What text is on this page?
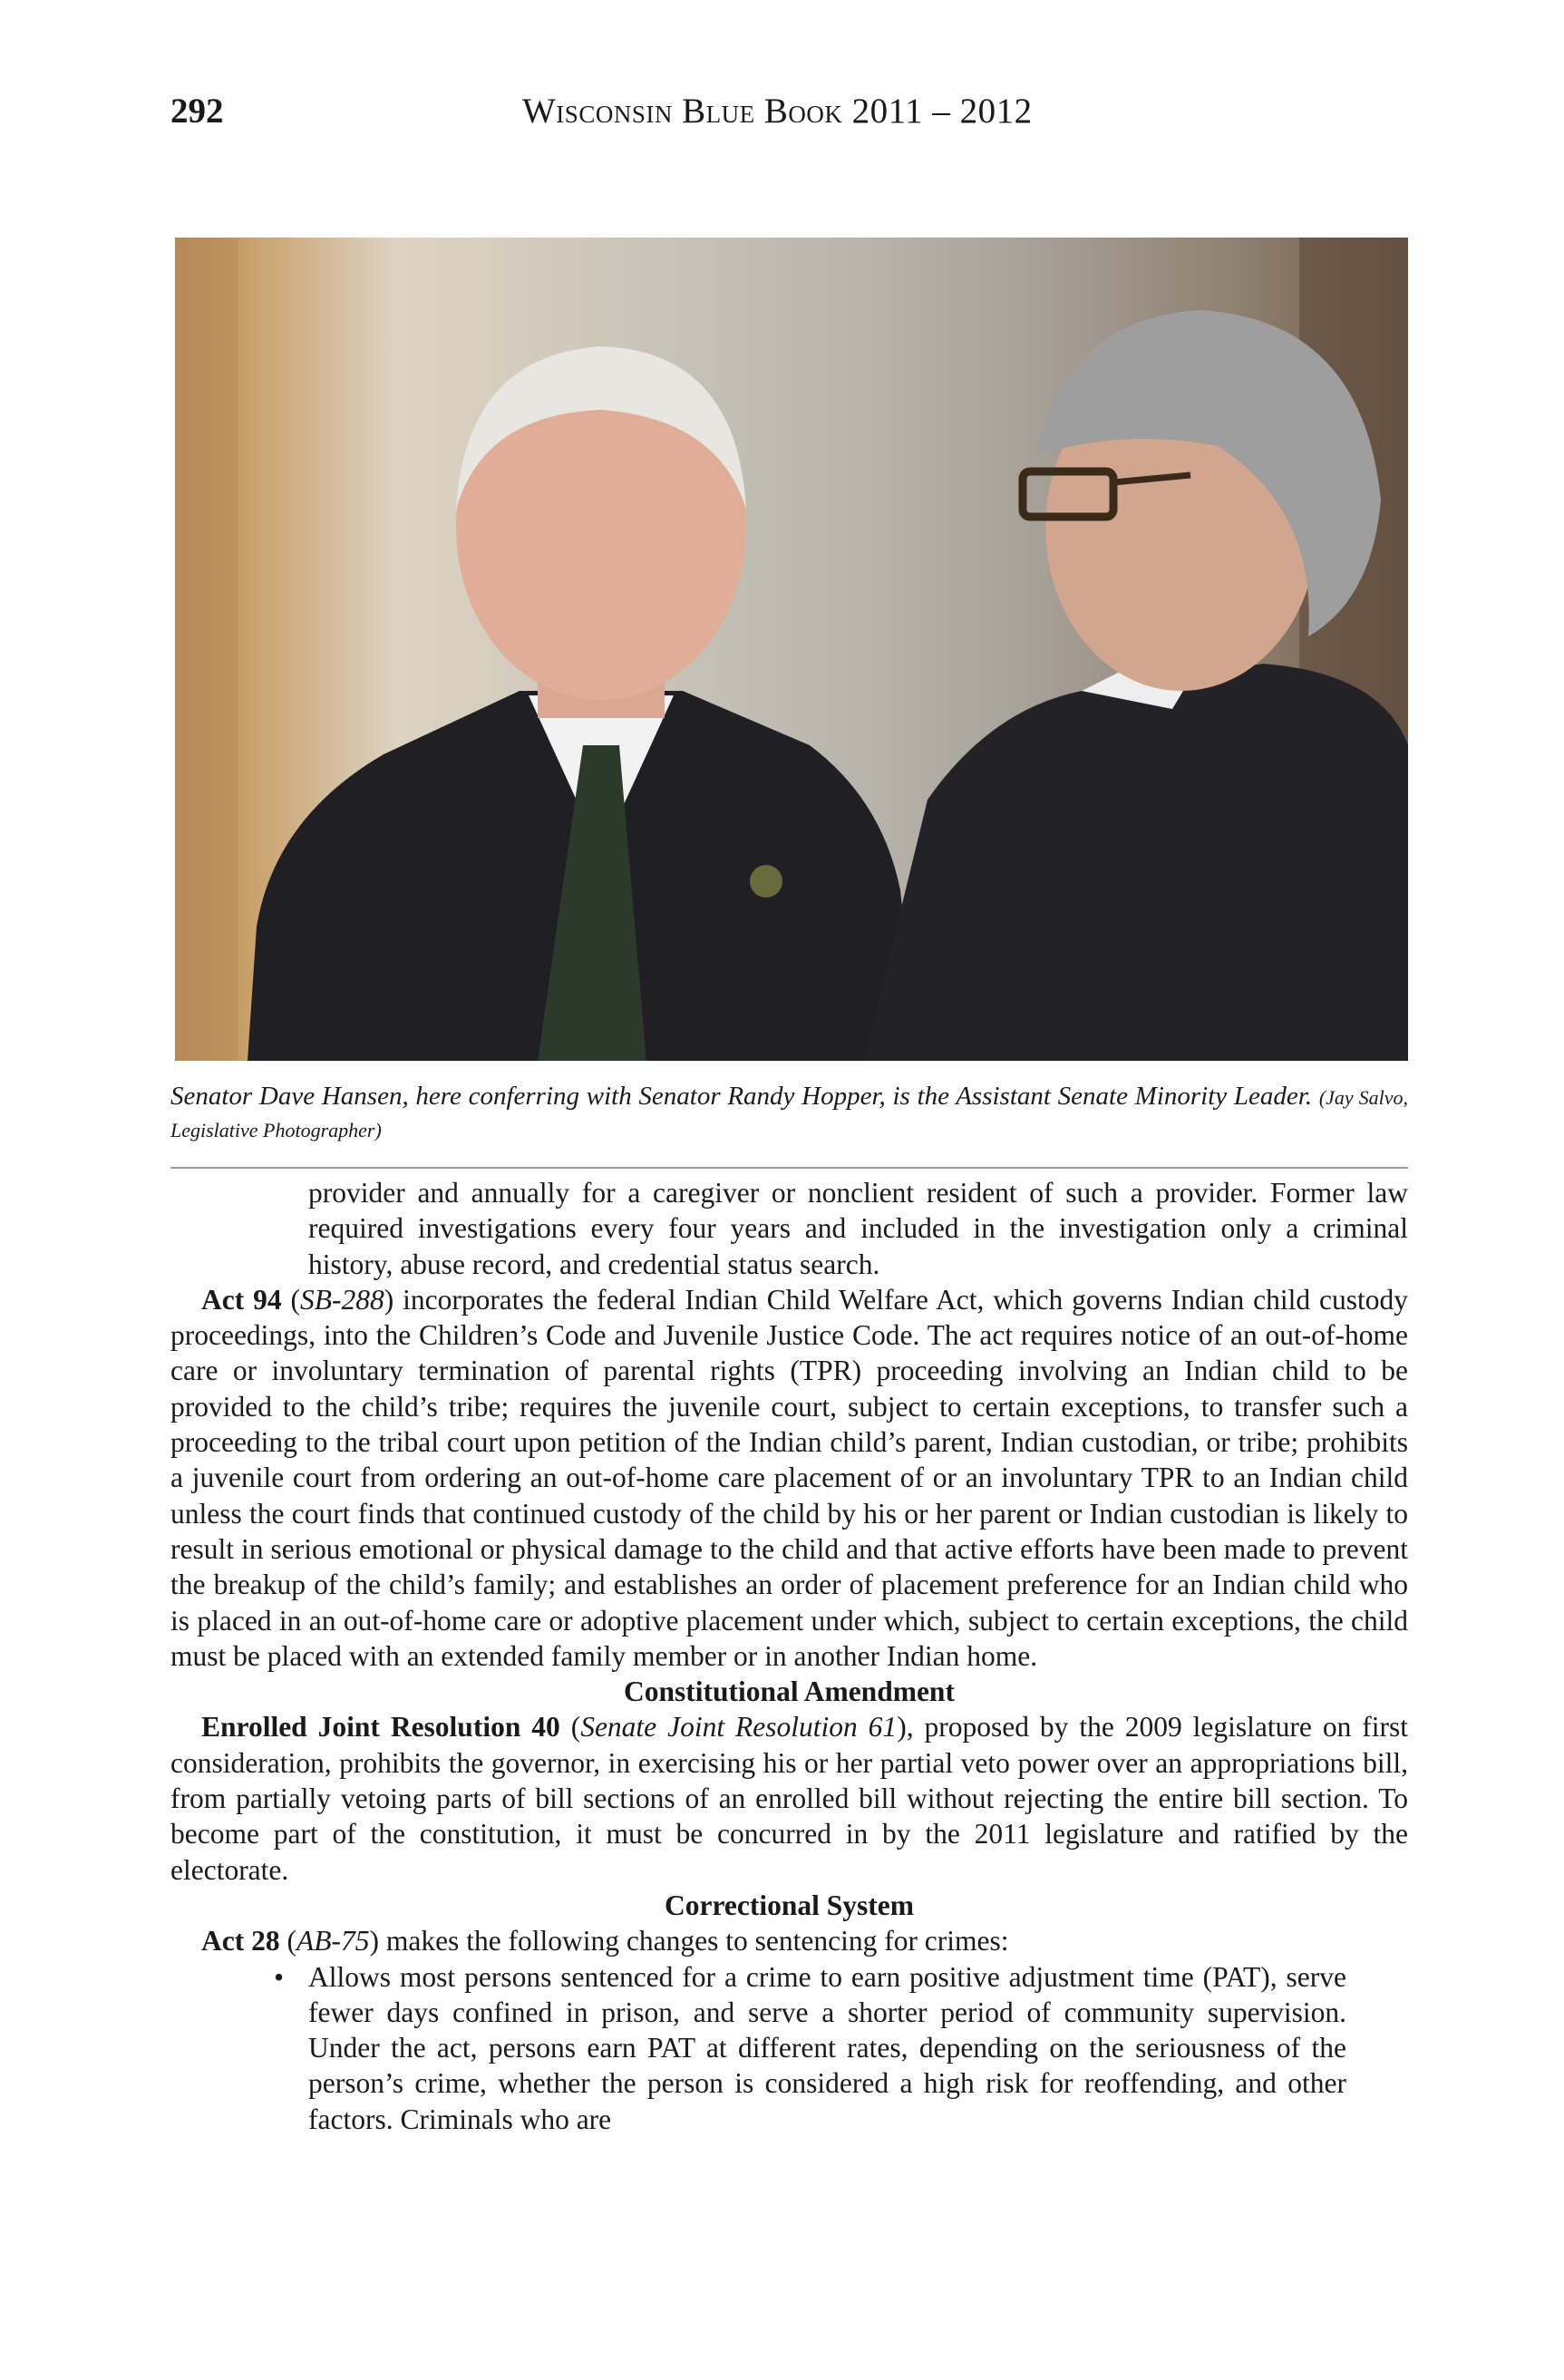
292	Wisconsin Blue Book 2011 – 2012
Senator Dave Hansen, here conferring with Senator Randy Hopper, is the Assistant Senate Minority Leader. (Jay Salvo, Legislative Photographer)

provider and annually for a caregiver or nonclient resident of such a provider. Former law required investigations every four years and included in the investigation only a criminal history, abuse record, and credential status search.

Act 94 (SB-288) incorporates the federal Indian Child Welfare Act, which governs Indian child custody proceedings, into the Children’s Code and Juvenile Justice Code. The act requires notice of an out-of-home care or involuntary termination of parental rights (TPR) proceeding involving an Indian child to be provided to the child’s tribe; requires the juvenile court, subject to certain exceptions, to transfer such a proceeding to the tribal court upon petition of the Indian child’s parent, Indian custodian, or tribe; prohibits a juvenile court from ordering an out-of-home care placement of or an involuntary TPR to an Indian child unless the court finds that continued custody of the child by his or her parent or Indian custodian is likely to result in serious emotional or physical damage to the child and that active efforts have been made to prevent the breakup of the child’s family; and establishes an order of placement preference for an Indian child who is placed in an out-of-home care or adoptive placement under which, subject to certain exceptions, the child must be placed with an extended family member or in another Indian home.

Constitutional Amendment

Enrolled Joint Resolution 40 (Senate Joint Resolution 61), proposed by the 2009 legislature on first consideration, prohibits the governor, in exercising his or her partial veto power over an appropriations bill, from partially vetoing parts of bill sections of an enrolled bill without rejecting the entire bill section. To become part of the constitution, it must be concurred in by the 2011 legislature and ratified by the electorate.

Correctional System

Act 28 (AB-75) makes the following changes to sentencing for crimes:

• Allows most persons sentenced for a crime to earn positive adjustment time (PAT), serve fewer days confined in prison, and serve a shorter period of community supervision. Under the act, persons earn PAT at different rates, depending on the seriousness of the person’s crime, whether the person is considered a high risk for reoffending, and other factors. Criminals who are
